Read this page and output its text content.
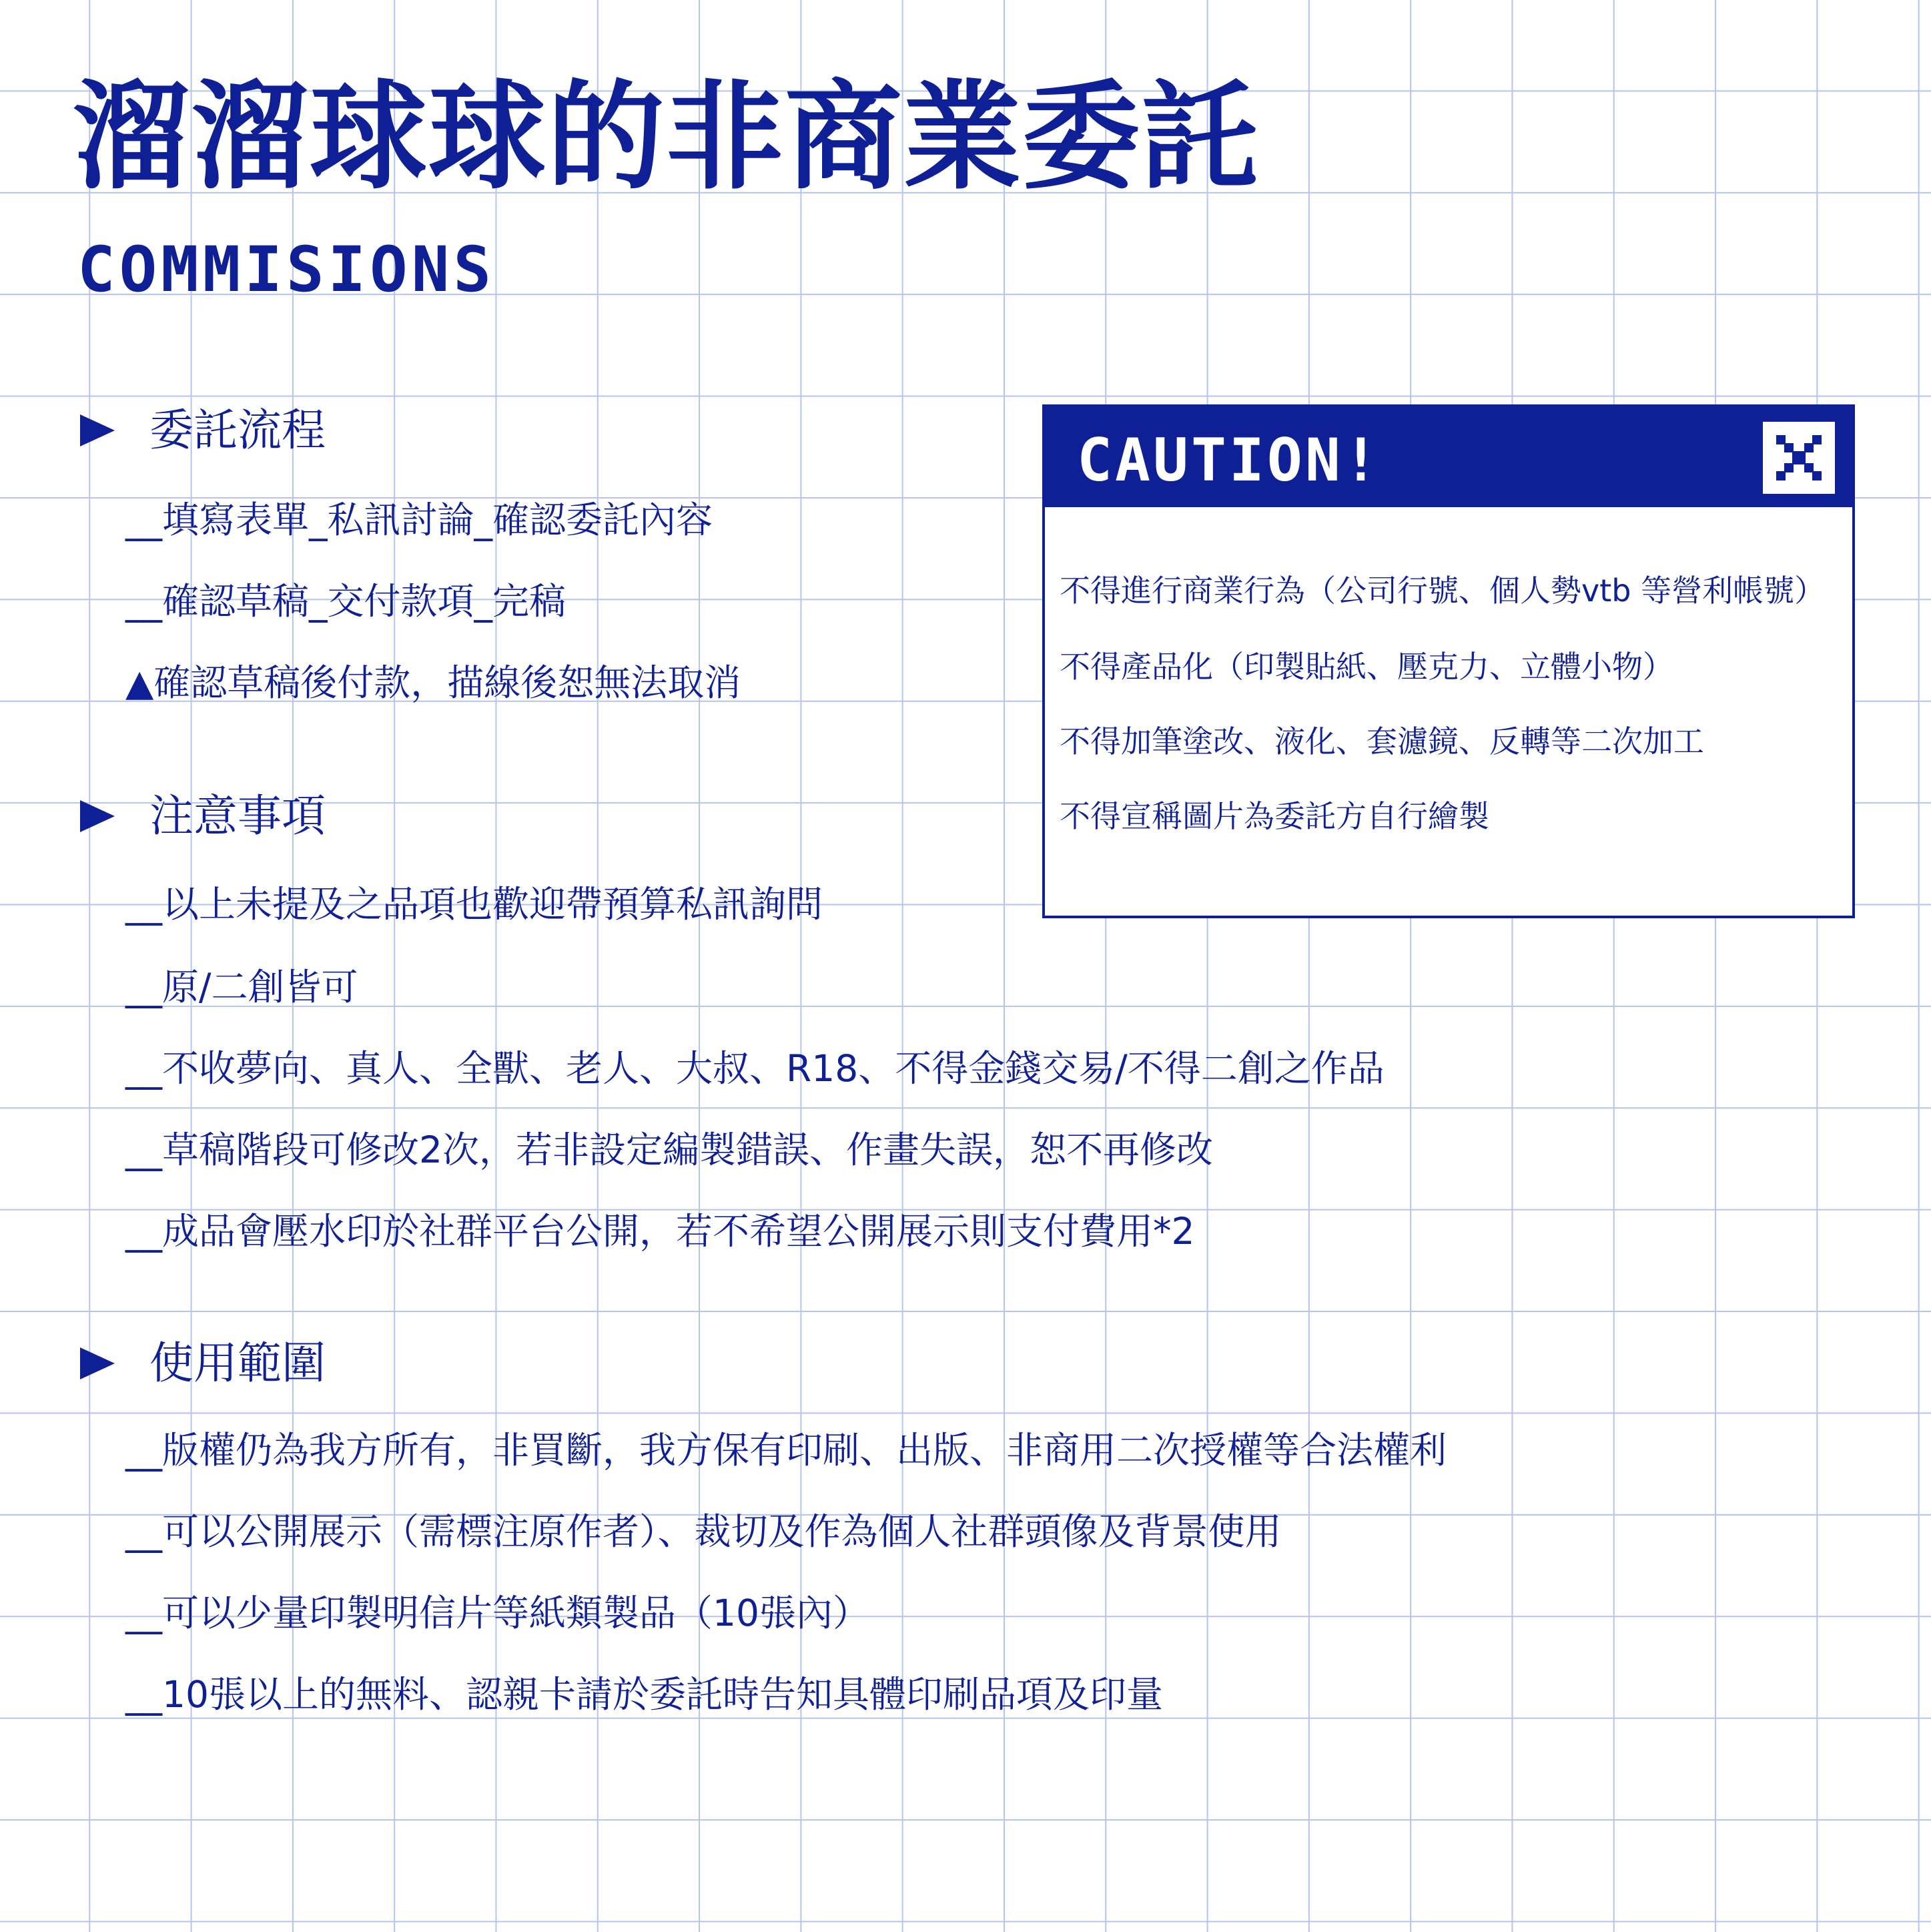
溜溜球球的非商業委託
COMMISIONS
委託流程
__填寫表單_私訊討論_確認委託內容
__確認草稿_交付款項_完稿
▲確認草稿後付款，描線後恕無法取消
注意事項
__以上未提及之品項也歡迎帶預算私訊詢問
__原/二創皆可
__不收夢向、真人、全獸、老人、大叔、R18、不得金錢交易/不得二創之作品
__草稿階段可修改2次，若非設定編製錯誤、作畫失誤，恕不再修改
__成品會壓水印於社群平台公開，若不希望公開展示則支付費用*2
使用範圍
__版權仍為我方所有，非買斷，我方保有印刷、出版、非商用二次授權等合法權利
__可以公開展示（需標注原作者）、裁切及作為個人社群頭像及背景使用
__可以少量印製明信片等紙類製品（10張內）
__10張以上的無料、認親卡請於委託時告知具體印刷品項及印量
CAUTION!
不得進行商業行為（公司行號、個人勢vtb 等營利帳號）
不得產品化（印製貼紙、壓克力、立體小物）
不得加筆塗改、液化、套濾鏡、反轉等二次加工
不得宣稱圖片為委託方自行繪製
